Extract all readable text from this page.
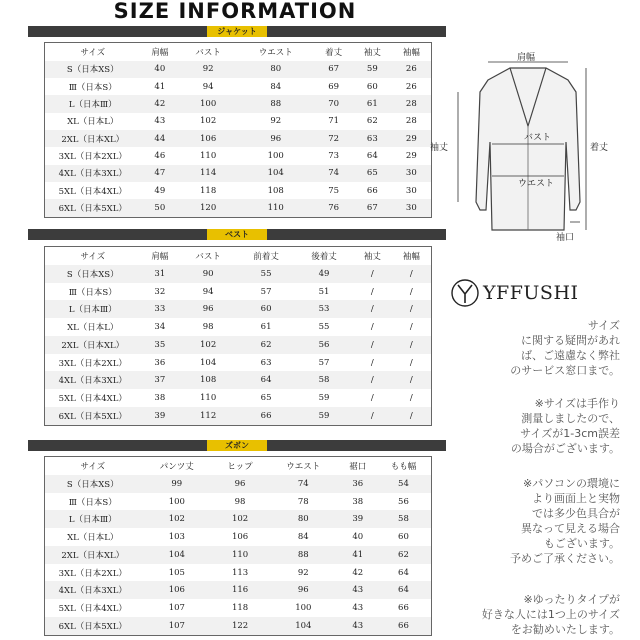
SIZE INFORMATION
ジャケット
サイズ	肩幅	バスト	ウエスト	着丈	袖丈	袖幅
S（日本XS）	40	92	80	67	59	26
Ⅲ（日本S）	41	94	84	69	60	26
L（日本Ⅲ）	42	100	88	70	61	28
XL（日本L）	43	102	92	71	62	28
2XL（日本XL）	44	106	96	72	63	29
3XL（日本2XL）	46	110	100	73	64	29
4XL（日本3XL）	47	114	104	74	65	30
5XL（日本4XL）	49	118	108	75	66	30
6XL（日本5XL）	50	120	110	76	67	30
ベスト
サイズ	肩幅	バスト	前着丈	後着丈	袖丈	袖幅
S（日本XS）	31	90	55	49	/	/
Ⅲ（日本S）	32	94	57	51	/	/
L（日本Ⅲ）	33	96	60	53	/	/
XL（日本L）	34	98	61	55	/	/
2XL（日本XL）	35	102	62	56	/	/
3XL（日本2XL）	36	104	63	57	/	/
4XL（日本3XL）	37	108	64	58	/	/
5XL（日本4XL）	38	110	65	59	/	/
6XL（日本5XL）	39	112	66	59	/	/
ズボン
サイズ	パンツ丈	ヒップ	ウエスト	裾口	もも幅
S（日本XS）	99	96	74	36	54
Ⅲ（日本S）	100	98	78	38	56
L（日本Ⅲ）	102	102	80	39	58
XL（日本L）	103	106	84	40	60
2XL（日本XL）	104	110	88	41	62
3XL（日本2XL）	105	113	92	42	64
4XL（日本3XL）	106	116	96	43	64
5XL（日本4XL）	107	118	100	43	66
6XL（日本5XL）	107	122	104	43	66
肩幅
バスト
ウエスト
袖丈	着丈
袖口
YFFUSHI

サイズ

に関する疑問があれ

ば、ご遠慮なく弊社

のサービス窓口まで。

※サイズは手作り

測量しましたので、

サイズが1-3cm誤差

の場合がございます。

※パソコンの環境に

より画面上と実物

では多少色具合が

異なって見える場合

もございます。

予めご了承ください。

※ゆったりタイプが

好きな人には1つ上のサイズ

をお勧めいたします。
